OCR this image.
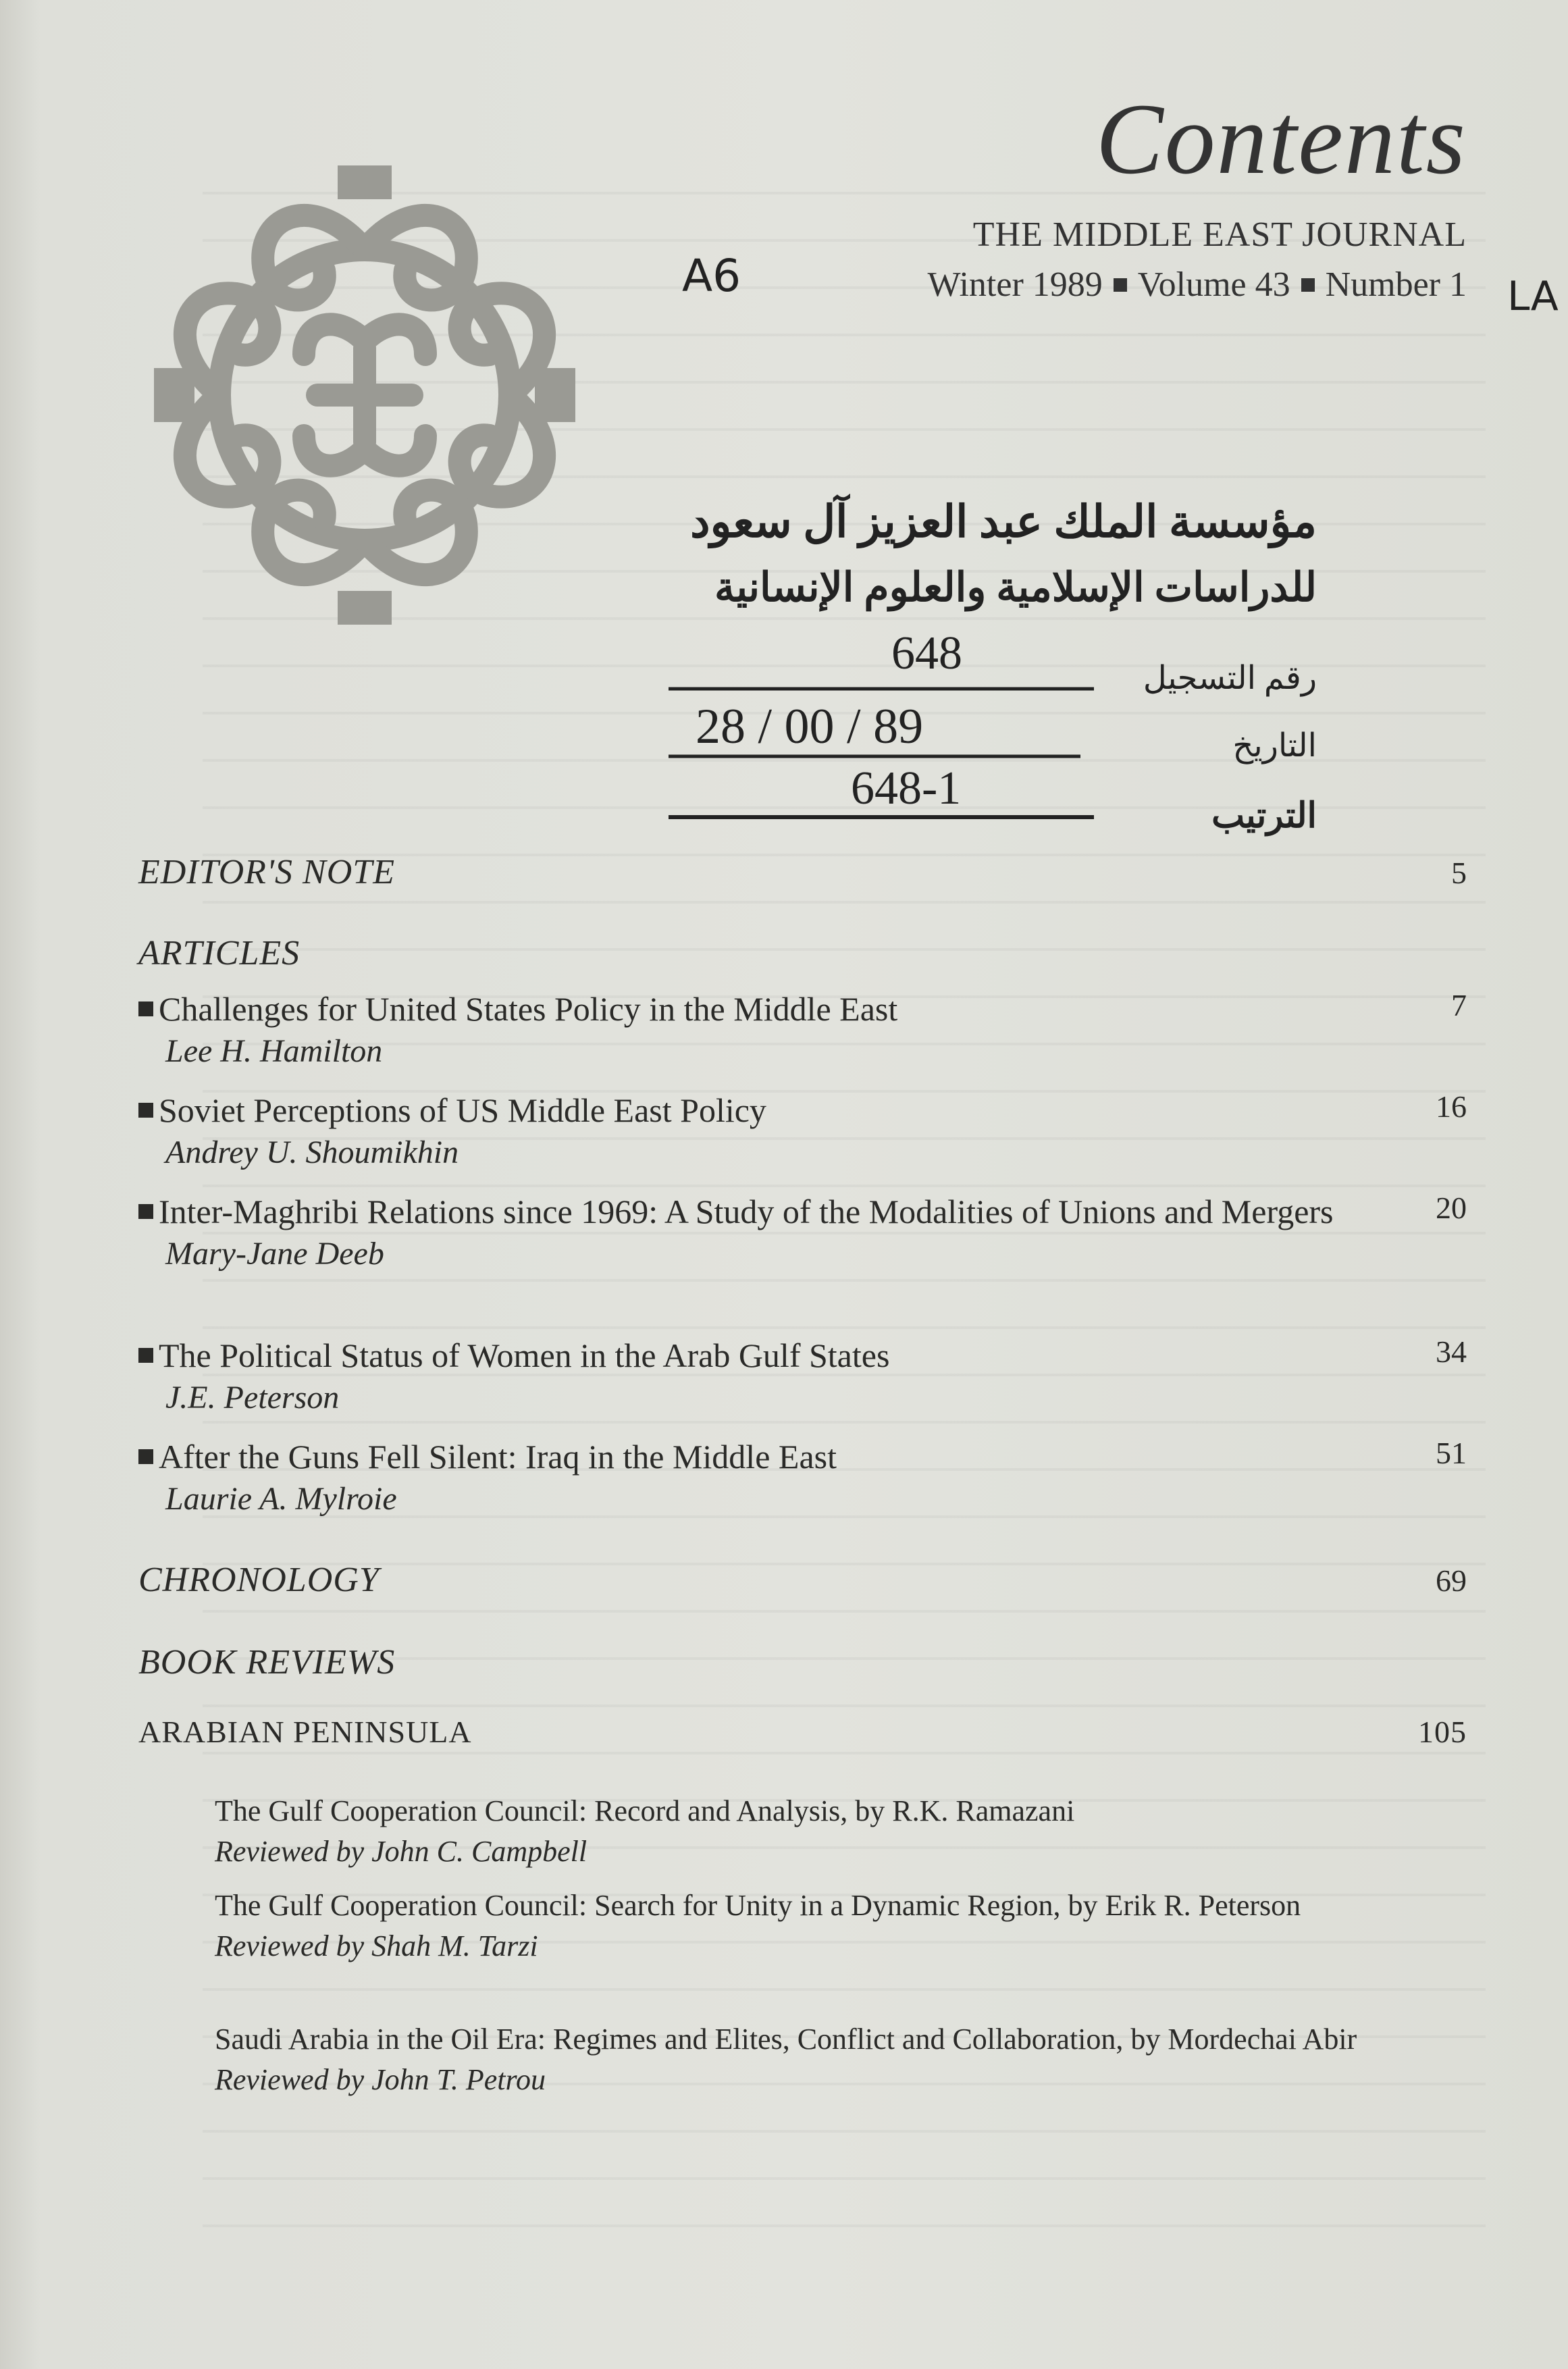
Contents
THE MIDDLE EAST JOURNAL
Winter 1989 Volume 43 Number 1
A6	LA
مؤسسة الملك عبد العزيز آل سعود
للدراسات الإسلامية والعلوم الإنسانية
رقم التسجيل
648
التاريخ
28 / 00 / 89
الترتيب
648-1
EDITOR'S NOTE	5
ARTICLES
Challenges for United States Policy in the Middle East	7
Lee H. Hamilton
Soviet Perceptions of US Middle East Policy	16
Andrey U. Shoumikhin
Inter-Maghribi Relations since 1969: A Study of the Modalities of Unions and Mergers	20
Mary-Jane Deeb
The Political Status of Women in the Arab Gulf States	34
J.E. Peterson
After the Guns Fell Silent: Iraq in the Middle East	51
Laurie A. Mylroie
CHRONOLOGY	69
BOOK REVIEWS
ARABIAN PENINSULA	105
The Gulf Cooperation Council: Record and Analysis, by R.K. Ramazani
Reviewed by John C. Campbell
The Gulf Cooperation Council: Search for Unity in a Dynamic Region, by Erik R. Peterson
Reviewed by Shah M. Tarzi
Saudi Arabia in the Oil Era: Regimes and Elites, Conflict and Collaboration, by Mordechai Abir
Reviewed by John T. Petrou
